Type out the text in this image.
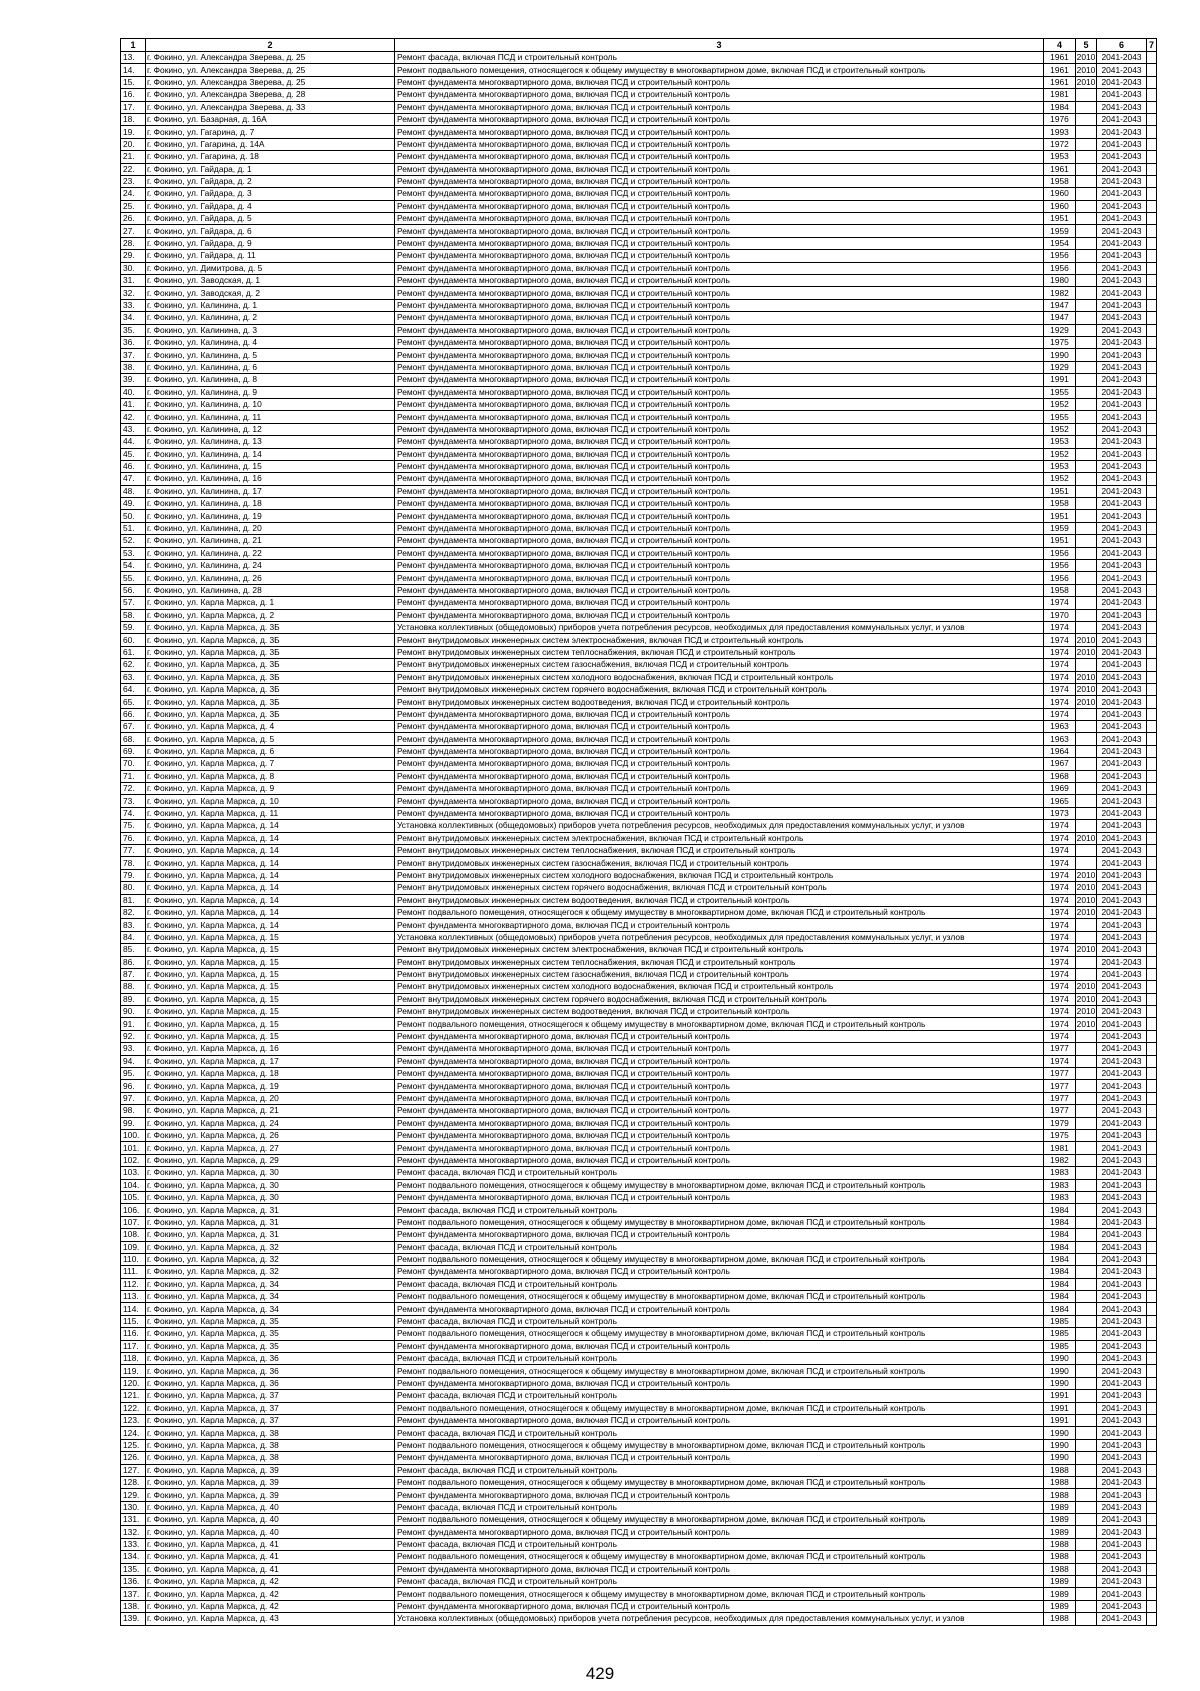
1	2	3	4	5	6	7
13.	г. Фокино, ул. Александра Зверева, д. 25	Ремонт фасада, включая ПСД и строительный контроль	1961	2010	2041-2043	
14.	г. Фокино, ул. Александра Зверева, д. 25	Ремонт подвального помещения, относящегося к общему имуществу в многоквартирном доме, включая ПСД и строительный контроль	1961	2010	2041-2043	
15.	г. Фокино, ул. Александра Зверева, д. 25	Ремонт фундамента многоквартирного дома, включая ПСД и строительный контроль	1961	2010	2041-2043	
16.	г. Фокино, ул. Александра Зверева, д. 28	Ремонт фундамента многоквартирного дома, включая ПСД и строительный контроль	1981		2041-2043	
17.	г. Фокино, ул. Александра Зверева, д. 33	Ремонт фундамента многоквартирного дома, включая ПСД и строительный контроль	1984		2041-2043	
18.	г. Фокино, ул. Базарная, д. 16А	Ремонт фундамента многоквартирного дома, включая ПСД и строительный контроль	1976		2041-2043	
19.	г. Фокино, ул. Гагарина, д. 7	Ремонт фундамента многоквартирного дома, включая ПСД и строительный контроль	1993		2041-2043	
20.	г. Фокино, ул. Гагарина, д. 14А	Ремонт фундамента многоквартирного дома, включая ПСД и строительный контроль	1972		2041-2043	
21.	г. Фокино, ул. Гагарина, д. 18	Ремонт фундамента многоквартирного дома, включая ПСД и строительный контроль	1953		2041-2043	
22.	г. Фокино, ул. Гайдара, д. 1	Ремонт фундамента многоквартирного дома, включая ПСД и строительный контроль	1961		2041-2043	
23.	г. Фокино, ул. Гайдара, д. 2	Ремонт фундамента многоквартирного дома, включая ПСД и строительный контроль	1958		2041-2043	
24.	г. Фокино, ул. Гайдара, д. 3	Ремонт фундамента многоквартирного дома, включая ПСД и строительный контроль	1960		2041-2043	
25.	г. Фокино, ул. Гайдара, д. 4	Ремонт фундамента многоквартирного дома, включая ПСД и строительный контроль	1960		2041-2043	
26.	г. Фокино, ул. Гайдара, д. 5	Ремонт фундамента многоквартирного дома, включая ПСД и строительный контроль	1951		2041-2043	
27.	г. Фокино, ул. Гайдара, д. 6	Ремонт фундамента многоквартирного дома, включая ПСД и строительный контроль	1959		2041-2043	
28.	г. Фокино, ул. Гайдара, д. 9	Ремонт фундамента многоквартирного дома, включая ПСД и строительный контроль	1954		2041-2043	
29.	г. Фокино, ул. Гайдара, д. 11	Ремонт фундамента многоквартирного дома, включая ПСД и строительный контроль	1956		2041-2043	
30.	г. Фокино, ул. Димитрова, д. 5	Ремонт фундамента многоквартирного дома, включая ПСД и строительный контроль	1956		2041-2043	
31.	г. Фокино, ул. Заводская, д. 1	Ремонт фундамента многоквартирного дома, включая ПСД и строительный контроль	1980		2041-2043	
32.	г. Фокино, ул. Заводская, д. 2	Ремонт фундамента многоквартирного дома, включая ПСД и строительный контроль	1982		2041-2043	
33.	г. Фокино, ул. Калинина, д. 1	Ремонт фундамента многоквартирного дома, включая ПСД и строительный контроль	1947		2041-2043	
34.	г. Фокино, ул. Калинина, д. 2	Ремонт фундамента многоквартирного дома, включая ПСД и строительный контроль	1947		2041-2043	
35.	г. Фокино, ул. Калинина, д. 3	Ремонт фундамента многоквартирного дома, включая ПСД и строительный контроль	1929		2041-2043	
36.	г. Фокино, ул. Калинина, д. 4	Ремонт фундамента многоквартирного дома, включая ПСД и строительный контроль	1975		2041-2043	
37.	г. Фокино, ул. Калинина, д. 5	Ремонт фундамента многоквартирного дома, включая ПСД и строительный контроль	1990		2041-2043	
38.	г. Фокино, ул. Калинина, д. 6	Ремонт фундамента многоквартирного дома, включая ПСД и строительный контроль	1929		2041-2043	
39.	г. Фокино, ул. Калинина, д. 8	Ремонт фундамента многоквартирного дома, включая ПСД и строительный контроль	1991		2041-2043	
40.	г. Фокино, ул. Калинина, д. 9	Ремонт фундамента многоквартирного дома, включая ПСД и строительный контроль	1955		2041-2043	
41.	г. Фокино, ул. Калинина, д. 10	Ремонт фундамента многоквартирного дома, включая ПСД и строительный контроль	1952		2041-2043	
42.	г. Фокино, ул. Калинина, д. 11	Ремонт фундамента многоквартирного дома, включая ПСД и строительный контроль	1955		2041-2043	
43.	г. Фокино, ул. Калинина, д. 12	Ремонт фундамента многоквартирного дома, включая ПСД и строительный контроль	1952		2041-2043	
44.	г. Фокино, ул. Калинина, д. 13	Ремонт фундамента многоквартирного дома, включая ПСД и строительный контроль	1953		2041-2043	
45.	г. Фокино, ул. Калинина, д. 14	Ремонт фундамента многоквартирного дома, включая ПСД и строительный контроль	1952		2041-2043	
46.	г. Фокино, ул. Калинина, д. 15	Ремонт фундамента многоквартирного дома, включая ПСД и строительный контроль	1953		2041-2043	
47.	г. Фокино, ул. Калинина, д. 16	Ремонт фундамента многоквартирного дома, включая ПСД и строительный контроль	1952		2041-2043	
48.	г. Фокино, ул. Калинина, д. 17	Ремонт фундамента многоквартирного дома, включая ПСД и строительный контроль	1951		2041-2043	
49.	г. Фокино, ул. Калинина, д. 18	Ремонт фундамента многоквартирного дома, включая ПСД и строительный контроль	1958		2041-2043	
50.	г. Фокино, ул. Калинина, д. 19	Ремонт фундамента многоквартирного дома, включая ПСД и строительный контроль	1951		2041-2043	
51.	г. Фокино, ул. Калинина, д. 20	Ремонт фундамента многоквартирного дома, включая ПСД и строительный контроль	1959		2041-2043	
52.	г. Фокино, ул. Калинина, д. 21	Ремонт фундамента многоквартирного дома, включая ПСД и строительный контроль	1951		2041-2043	
53.	г. Фокино, ул. Калинина, д. 22	Ремонт фундамента многоквартирного дома, включая ПСД и строительный контроль	1956		2041-2043	
54.	г. Фокино, ул. Калинина, д. 24	Ремонт фундамента многоквартирного дома, включая ПСД и строительный контроль	1956		2041-2043	
55.	г. Фокино, ул. Калинина, д. 26	Ремонт фундамента многоквартирного дома, включая ПСД и строительный контроль	1956		2041-2043	
56.	г. Фокино, ул. Калинина, д. 28	Ремонт фундамента многоквартирного дома, включая ПСД и строительный контроль	1958		2041-2043	
57.	г. Фокино, ул. Карла Маркса, д. 1	Ремонт фундамента многоквартирного дома, включая ПСД и строительный контроль	1974		2041-2043	
58.	г. Фокино, ул. Карла Маркса, д. 2	Ремонт фундамента многоквартирного дома, включая ПСД и строительный контроль	1970		2041-2043	
59.	г. Фокино, ул. Карла Маркса, д. 3Б	Установка коллективных (общедомовых) приборов учета потребления ресурсов, необходимых для предоставления коммунальных услуг, и узлов	1974		2041-2043	
60.	г. Фокино, ул. Карла Маркса, д. 3Б	Ремонт внутридомовых инженерных систем электроснабжения, включая ПСД и строительный контроль	1974	2010	2041-2043	
61.	г. Фокино, ул. Карла Маркса, д. 3Б	Ремонт внутридомовых инженерных систем теплоснабжения, включая ПСД и строительный контроль	1974	2010	2041-2043	
62.	г. Фокино, ул. Карла Маркса, д. 3Б	Ремонт внутридомовых инженерных систем газоснабжения, включая ПСД и строительный контроль	1974		2041-2043	
63.	г. Фокино, ул. Карла Маркса, д. 3Б	Ремонт внутридомовых инженерных систем холодного водоснабжения, включая ПСД и строительный контроль	1974	2010	2041-2043	
64.	г. Фокино, ул. Карла Маркса, д. 3Б	Ремонт внутридомовых инженерных систем горячего водоснабжения, включая ПСД и строительный контроль	1974	2010	2041-2043	
65.	г. Фокино, ул. Карла Маркса, д. 3Б	Ремонт внутридомовых инженерных систем водоотведения, включая ПСД и строительный контроль	1974	2010	2041-2043	
66.	г. Фокино, ул. Карла Маркса, д. 3Б	Ремонт фундамента многоквартирного дома, включая ПСД и строительный контроль	1974		2041-2043	
67.	г. Фокино, ул. Карла Маркса, д. 4	Ремонт фундамента многоквартирного дома, включая ПСД и строительный контроль	1963		2041-2043	
68.	г. Фокино, ул. Карла Маркса, д. 5	Ремонт фундамента многоквартирного дома, включая ПСД и строительный контроль	1963		2041-2043	
69.	г. Фокино, ул. Карла Маркса, д. 6	Ремонт фундамента многоквартирного дома, включая ПСД и строительный контроль	1964		2041-2043	
70.	г. Фокино, ул. Карла Маркса, д. 7	Ремонт фундамента многоквартирного дома, включая ПСД и строительный контроль	1967		2041-2043	
71.	г. Фокино, ул. Карла Маркса, д. 8	Ремонт фундамента многоквартирного дома, включая ПСД и строительный контроль	1968		2041-2043	
72.	г. Фокино, ул. Карла Маркса, д. 9	Ремонт фундамента многоквартирного дома, включая ПСД и строительный контроль	1969		2041-2043	
73.	г. Фокино, ул. Карла Маркса, д. 10	Ремонт фундамента многоквартирного дома, включая ПСД и строительный контроль	1965		2041-2043	
74.	г. Фокино, ул. Карла Маркса, д. 11	Ремонт фундамента многоквартирного дома, включая ПСД и строительный контроль	1973		2041-2043	
75.	г. Фокино, ул. Карла Маркса, д. 14	Установка коллективных (общедомовых) приборов учета потребления ресурсов, необходимых для предоставления коммунальных услуг, и узлов	1974		2041-2043	
76.	г. Фокино, ул. Карла Маркса, д. 14	Ремонт внутридомовых инженерных систем электроснабжения, включая ПСД и строительный контроль	1974	2010	2041-2043	
77.	г. Фокино, ул. Карла Маркса, д. 14	Ремонт внутридомовых инженерных систем теплоснабжения, включая ПСД и строительный контроль	1974		2041-2043	
78.	г. Фокино, ул. Карла Маркса, д. 14	Ремонт внутридомовых инженерных систем газоснабжения, включая ПСД и строительный контроль	1974		2041-2043	
79.	г. Фокино, ул. Карла Маркса, д. 14	Ремонт внутридомовых инженерных систем холодного водоснабжения, включая ПСД и строительный контроль	1974	2010	2041-2043	
80.	г. Фокино, ул. Карла Маркса, д. 14	Ремонт внутридомовых инженерных систем горячего водоснабжения, включая ПСД и строительный контроль	1974	2010	2041-2043	
81.	г. Фокино, ул. Карла Маркса, д. 14	Ремонт внутридомовых инженерных систем водоотведения, включая ПСД и строительный контроль	1974	2010	2041-2043	
82.	г. Фокино, ул. Карла Маркса, д. 14	Ремонт подвального помещения, относящегося к общему имуществу в многоквартирном доме, включая ПСД и строительный контроль	1974	2010	2041-2043	
83.	г. Фокино, ул. Карла Маркса, д. 14	Ремонт фундамента многоквартирного дома, включая ПСД и строительный контроль	1974		2041-2043	
84.	г. Фокино, ул. Карла Маркса, д. 15	Установка коллективных (общедомовых) приборов учета потребления ресурсов, необходимых для предоставления коммунальных услуг, и узлов	1974		2041-2043	
85.	г. Фокино, ул. Карла Маркса, д. 15	Ремонт внутридомовых инженерных систем электроснабжения, включая ПСД и строительный контроль	1974	2010	2041-2043	
86.	г. Фокино, ул. Карла Маркса, д. 15	Ремонт внутридомовых инженерных систем теплоснабжения, включая ПСД и строительный контроль	1974		2041-2043	
87.	г. Фокино, ул. Карла Маркса, д. 15	Ремонт внутридомовых инженерных систем газоснабжения, включая ПСД и строительный контроль	1974		2041-2043	
88.	г. Фокино, ул. Карла Маркса, д. 15	Ремонт внутридомовых инженерных систем холодного водоснабжения, включая ПСД и строительный контроль	1974	2010	2041-2043	
89.	г. Фокино, ул. Карла Маркса, д. 15	Ремонт внутридомовых инженерных систем горячего водоснабжения, включая ПСД и строительный контроль	1974	2010	2041-2043	
90.	г. Фокино, ул. Карла Маркса, д. 15	Ремонт внутридомовых инженерных систем водоотведения, включая ПСД и строительный контроль	1974	2010	2041-2043	
91.	г. Фокино, ул. Карла Маркса, д. 15	Ремонт подвального помещения, относящегося к общему имуществу в многоквартирном доме, включая ПСД и строительный контроль	1974	2010	2041-2043	
92.	г. Фокино, ул. Карла Маркса, д. 15	Ремонт фундамента многоквартирного дома, включая ПСД и строительный контроль	1974		2041-2043	
93.	г. Фокино, ул. Карла Маркса, д. 16	Ремонт фундамента многоквартирного дома, включая ПСД и строительный контроль	1977		2041-2043	
94.	г. Фокино, ул. Карла Маркса, д. 17	Ремонт фундамента многоквартирного дома, включая ПСД и строительный контроль	1974		2041-2043	
95.	г. Фокино, ул. Карла Маркса, д. 18	Ремонт фундамента многоквартирного дома, включая ПСД и строительный контроль	1977		2041-2043	
96.	г. Фокино, ул. Карла Маркса, д. 19	Ремонт фундамента многоквартирного дома, включая ПСД и строительный контроль	1977		2041-2043	
97.	г. Фокино, ул. Карла Маркса, д. 20	Ремонт фундамента многоквартирного дома, включая ПСД и строительный контроль	1977		2041-2043	
98.	г. Фокино, ул. Карла Маркса, д. 21	Ремонт фундамента многоквартирного дома, включая ПСД и строительный контроль	1977		2041-2043	
99.	г. Фокино, ул. Карла Маркса, д. 24	Ремонт фундамента многоквартирного дома, включая ПСД и строительный контроль	1979		2041-2043	
100.	г. Фокино, ул. Карла Маркса, д. 26	Ремонт фундамента многоквартирного дома, включая ПСД и строительный контроль	1975		2041-2043	
101.	г. Фокино, ул. Карла Маркса, д. 27	Ремонт фундамента многоквартирного дома, включая ПСД и строительный контроль	1981		2041-2043	
102.	г. Фокино, ул. Карла Маркса, д. 29	Ремонт фундамента многоквартирного дома, включая ПСД и строительный контроль	1982		2041-2043	
103.	г. Фокино, ул. Карла Маркса, д. 30	Ремонт фасада, включая ПСД и строительный контроль	1983		2041-2043	
104.	г. Фокино, ул. Карла Маркса, д. 30	Ремонт подвального помещения, относящегося к общему имуществу в многоквартирном доме, включая ПСД и строительный контроль	1983		2041-2043	
105.	г. Фокино, ул. Карла Маркса, д. 30	Ремонт фундамента многоквартирного дома, включая ПСД и строительный контроль	1983		2041-2043	
106.	г. Фокино, ул. Карла Маркса, д. 31	Ремонт фасада, включая ПСД и строительный контроль	1984		2041-2043	
107.	г. Фокино, ул. Карла Маркса, д. 31	Ремонт подвального помещения, относящегося к общему имуществу в многоквартирном доме, включая ПСД и строительный контроль	1984		2041-2043	
108.	г. Фокино, ул. Карла Маркса, д. 31	Ремонт фундамента многоквартирного дома, включая ПСД и строительный контроль	1984		2041-2043	
109.	г. Фокино, ул. Карла Маркса, д. 32	Ремонт фасада, включая ПСД и строительный контроль	1984		2041-2043	
110.	г. Фокино, ул. Карла Маркса, д. 32	Ремонт подвального помещения, относящегося к общему имуществу в многоквартирном доме, включая ПСД и строительный контроль	1984		2041-2043	
111.	г. Фокино, ул. Карла Маркса, д. 32	Ремонт фундамента многоквартирного дома, включая ПСД и строительный контроль	1984		2041-2043	
112.	г. Фокино, ул. Карла Маркса, д. 34	Ремонт фасада, включая ПСД и строительный контроль	1984		2041-2043	
113.	г. Фокино, ул. Карла Маркса, д. 34	Ремонт подвального помещения, относящегося к общему имуществу в многоквартирном доме, включая ПСД и строительный контроль	1984		2041-2043	
114.	г. Фокино, ул. Карла Маркса, д. 34	Ремонт фундамента многоквартирного дома, включая ПСД и строительный контроль	1984		2041-2043	
115.	г. Фокино, ул. Карла Маркса, д. 35	Ремонт фасада, включая ПСД и строительный контроль	1985		2041-2043	
116.	г. Фокино, ул. Карла Маркса, д. 35	Ремонт подвального помещения, относящегося к общему имуществу в многоквартирном доме, включая ПСД и строительный контроль	1985		2041-2043	
117.	г. Фокино, ул. Карла Маркса, д. 35	Ремонт фундамента многоквартирного дома, включая ПСД и строительный контроль	1985		2041-2043	
118.	г. Фокино, ул. Карла Маркса, д. 36	Ремонт фасада, включая ПСД и строительный контроль	1990		2041-2043	
119.	г. Фокино, ул. Карла Маркса, д. 36	Ремонт подвального помещения, относящегося к общему имуществу в многоквартирном доме, включая ПСД и строительный контроль	1990		2041-2043	
120.	г. Фокино, ул. Карла Маркса, д. 36	Ремонт фундамента многоквартирного дома, включая ПСД и строительный контроль	1990		2041-2043	
121.	г. Фокино, ул. Карла Маркса, д. 37	Ремонт фасада, включая ПСД и строительный контроль	1991		2041-2043	
122.	г. Фокино, ул. Карла Маркса, д. 37	Ремонт подвального помещения, относящегося к общему имуществу в многоквартирном доме, включая ПСД и строительный контроль	1991		2041-2043	
123.	г. Фокино, ул. Карла Маркса, д. 37	Ремонт фундамента многоквартирного дома, включая ПСД и строительный контроль	1991		2041-2043	
124.	г. Фокино, ул. Карла Маркса, д. 38	Ремонт фасада, включая ПСД и строительный контроль	1990		2041-2043	
125.	г. Фокино, ул. Карла Маркса, д. 38	Ремонт подвального помещения, относящегося к общему имуществу в многоквартирном доме, включая ПСД и строительный контроль	1990		2041-2043	
126.	г. Фокино, ул. Карла Маркса, д. 38	Ремонт фундамента многоквартирного дома, включая ПСД и строительный контроль	1990		2041-2043	
127.	г. Фокино, ул. Карла Маркса, д. 39	Ремонт фасада, включая ПСД и строительный контроль	1988		2041-2043	
128.	г. Фокино, ул. Карла Маркса, д. 39	Ремонт подвального помещения, относящегося к общему имуществу в многоквартирном доме, включая ПСД и строительный контроль	1988		2041-2043	
129.	г. Фокино, ул. Карла Маркса, д. 39	Ремонт фундамента многоквартирного дома, включая ПСД и строительный контроль	1988		2041-2043	
130.	г. Фокино, ул. Карла Маркса, д. 40	Ремонт фасада, включая ПСД и строительный контроль	1989		2041-2043	
131.	г. Фокино, ул. Карла Маркса, д. 40	Ремонт подвального помещения, относящегося к общему имуществу в многоквартирном доме, включая ПСД и строительный контроль	1989		2041-2043	
132.	г. Фокино, ул. Карла Маркса, д. 40	Ремонт фундамента многоквартирного дома, включая ПСД и строительный контроль	1989		2041-2043	
133.	г. Фокино, ул. Карла Маркса, д. 41	Ремонт фасада, включая ПСД и строительный контроль	1988		2041-2043	
134.	г. Фокино, ул. Карла Маркса, д. 41	Ремонт подвального помещения, относящегося к общему имуществу в многоквартирном доме, включая ПСД и строительный контроль	1988		2041-2043	
135.	г. Фокино, ул. Карла Маркса, д. 41	Ремонт фундамента многоквартирного дома, включая ПСД и строительный контроль	1988		2041-2043	
136.	г. Фокино, ул. Карла Маркса, д. 42	Ремонт фасада, включая ПСД и строительный контроль	1989		2041-2043	
137.	г. Фокино, ул. Карла Маркса, д. 42	Ремонт подвального помещения, относящегося к общему имуществу в многоквартирном доме, включая ПСД и строительный контроль	1989		2041-2043	
138.	г. Фокино, ул. Карла Маркса, д. 42	Ремонт фундамента многоквартирного дома, включая ПСД и строительный контроль	1989		2041-2043	
139.	г. Фокино, ул. Карла Маркса, д. 43	Установка коллективных (общедомовых) приборов учета потребления ресурсов, необходимых для предоставления коммунальных услуг, и узлов	1988		2041-2043	
429
